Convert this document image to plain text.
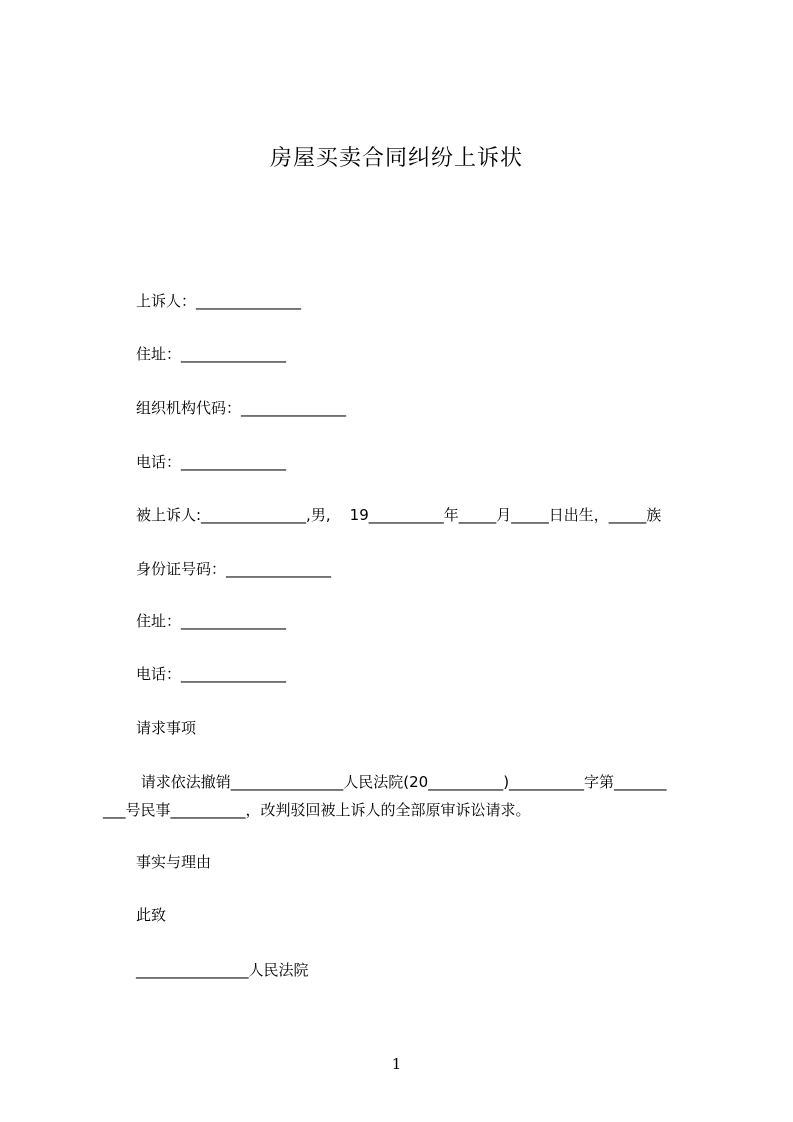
房屋买卖合同纠纷上诉状
上诉人：______________
住址：______________
组织机构代码：______________
电话：______________
被上诉人:______________,男,    19__________年_____月_____日出生，_____族
身份证号码：______________
住址：______________
电话：______________
请求事项
请求依法撤销_______________人民法院(20__________)__________字第_______
___号民事__________，改判驳回被上诉人的全部原审诉讼请求。
事实与理由
此致
_______________人民法院
1
